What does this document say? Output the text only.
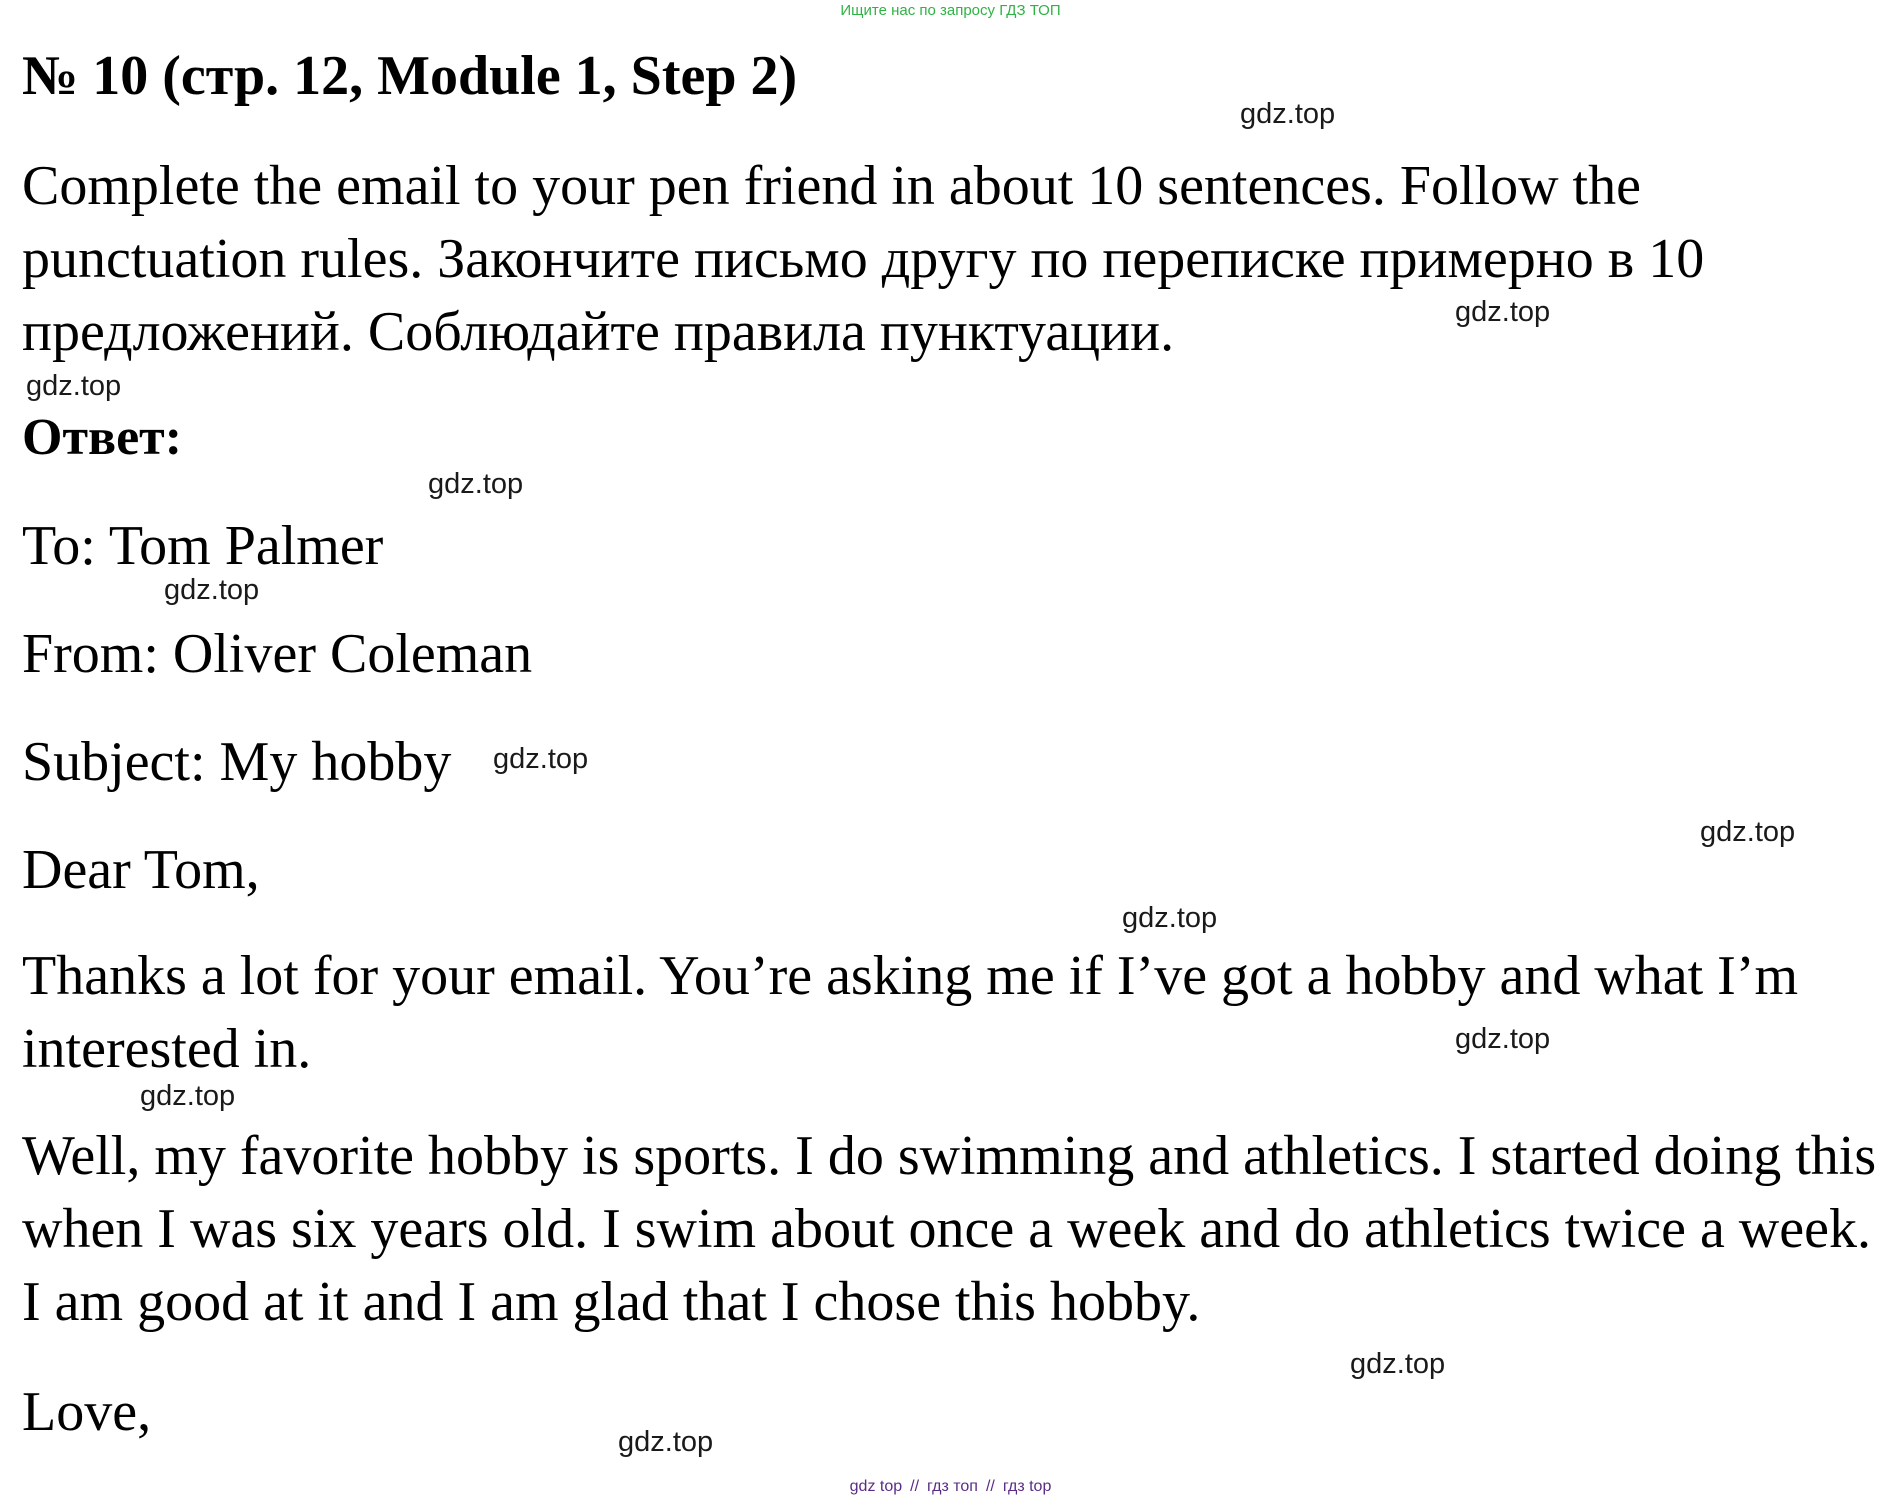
Ищите нас по запросу ГДЗ ТОП
№ 10 (стр. 12, Module 1, Step 2)

Complete the email to your pen friend in about 10 sentences. Follow the punctuation rules. Закончите письмо другу по переписке примерно в 10 предложений. Соблюдайте правила пунктуации.

Ответ:
To: Tom Palmer
From: Oliver Coleman
Subject: My hobby
Dear Tom,

Thanks a lot for your email. You’re asking me if I’ve got a hobby and what I’m interested in.

Well, my favorite hobby is sports. I do swimming and athletics. I started doing this when I was six years old. I swim about once a week and do athletics twice a week. I am good at it and I am glad that I chose this hobby.

Love,
gdz.top
gdz.top
gdz.top
gdz.top
gdz.top
gdz.top
gdz.top
gdz.top
gdz.top
gdz.top
gdz.top
gdz.top
gdz top // гдз топ // гдз top
